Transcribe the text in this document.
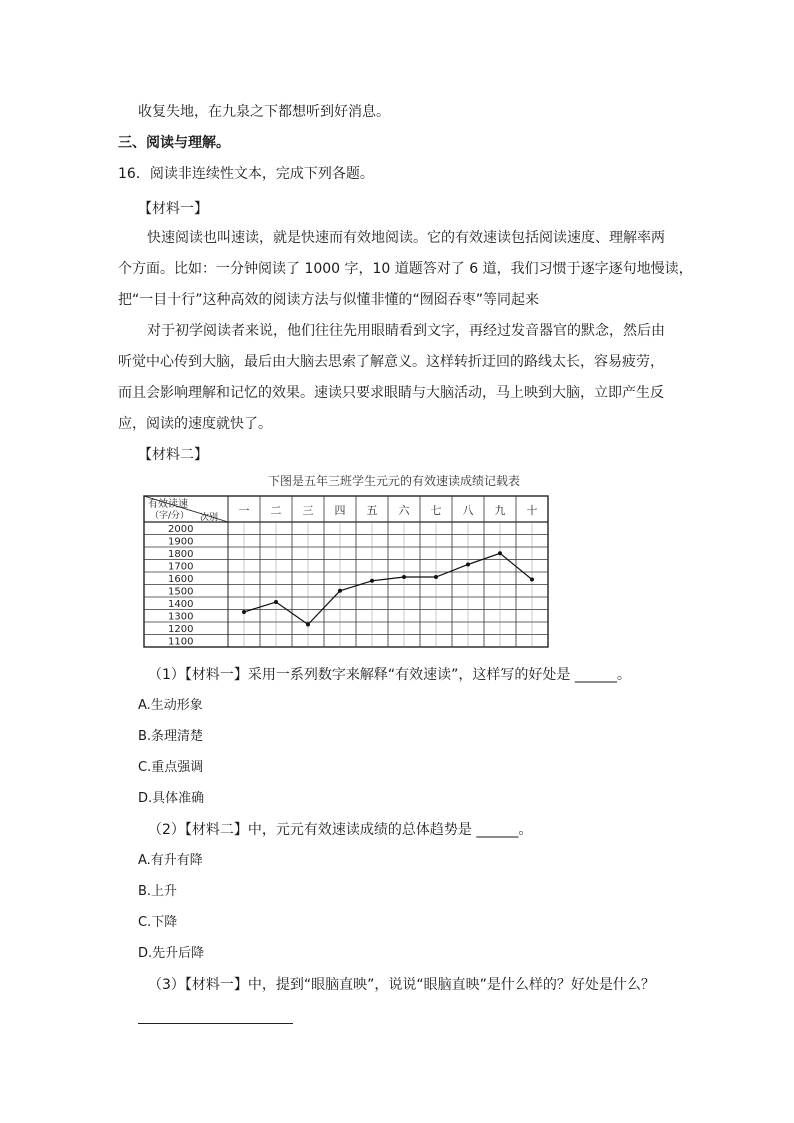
收复失地，在九泉之下都想听到好消息。
三、阅读与理解。
16．阅读非连续性文本，完成下列各题。
【材料一】
快速阅读也叫速读，就是快速而有效地阅读。它的有效速读包括阅读速度、理解率两
个方面。比如：一分钟阅读了 1000 字，10 道题答对了 6 道，我们习惯于逐字逐句地慢读，
把“一目十行”这种高效的阅读方法与似懂非懂的“囫囵吞枣”等同起来
对于初学阅读者来说，他们往往先用眼睛看到文字，再经过发音器官的默念，然后由
听觉中心传到大脑，最后由大脑去思索了解意义。这样转折迂回的路线太长，容易疲劳，
而且会影响理解和记忆的效果。速读只要求眼睛与大脑活动，马上映到大脑，立即产生反
应，阅读的速度就快了。
【材料二】
下图是五年三班学生元元的有效速读成绩记载表
有效读速
（字/分） 次别
一 二 三 四 五 六 七 八 九 十
2000
1900
1800
1700
1600
1500
1400
1300
1200
1100
（1）【材料一】采用一系列数字来解释“有效速读”，这样写的好处是 ______。
A.生动形象
B.条理清楚
C.重点强调
D.具体准确
（2）【材料二】中，元元有效速读成绩的总体趋势是 ______。
A.有升有降
B.上升
C.下降
D.先升后降
（3）【材料一】中，提到“眼脑直映”，说说“眼脑直映”是什么样的？好处是什么？
